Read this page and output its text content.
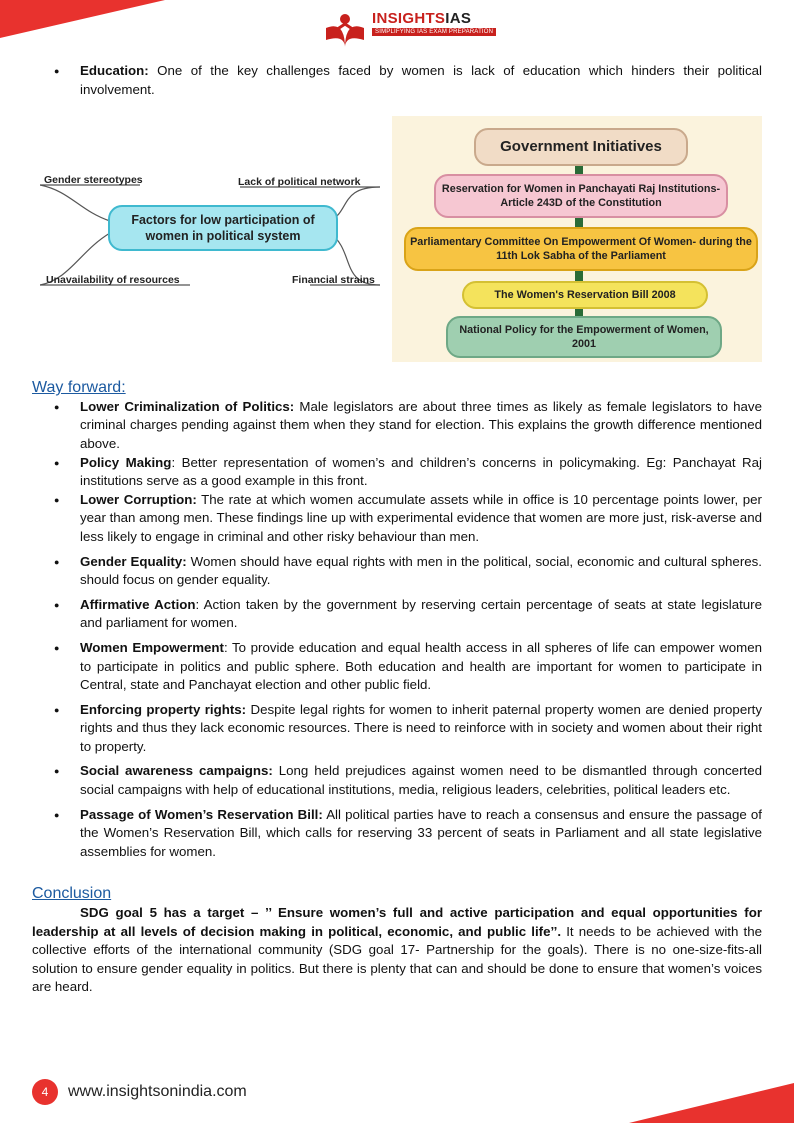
INSIGHTSIAS
SIMPLIFYING IAS EXAM PREPARATION
● Education: One of the key challenges faced by women is lack of education which hinders their political involvement.
Gender stereotypes	Lack of political network
Factors for low participation of women in political system
Unavailability of resources	Financial strains
Government Initiatives
Reservation for Women in Panchayati Raj Institutions- Article 243D of the Constitution
Parliamentary Committee On Empowerment Of Women- during the 11th Lok Sabha of the Parliament
The Women's Reservation Bill 2008
National Policy for the Empowerment of Women, 2001
Way forward:
● Lower Criminalization of Politics: Male legislators are about three times as likely as female legislators to have criminal charges pending against them when they stand for election. This explains the growth difference mentioned above.
● Policy Making: Better representation of women’s and children’s concerns in policymaking. Eg: Panchayat Raj institutions serve as a good example in this front.
● Lower Corruption: The rate at which women accumulate assets while in office is 10 percentage points lower, per year than among men. These findings line up with experimental evidence that women are more just, risk-averse and less likely to engage in criminal and other risky behaviour than men.
● Gender Equality: Women should have equal rights with men in the political, social, economic and cultural spheres. should focus on gender equality.
● Affirmative Action: Action taken by the government by reserving certain percentage of seats at state legislature and parliament for women.
● Women Empowerment: To provide education and equal health access in all spheres of life can empower women to participate in politics and public sphere. Both education and health are important for women to participate in Central, state and Panchayat election and other public field.
● Enforcing property rights: Despite legal rights for women to inherit paternal property women are denied property rights and thus they lack economic resources. There is need to reinforce with in society and women about their right to property.
● Social awareness campaigns: Long held prejudices against women need to be dismantled through concerted social campaigns with help of educational institutions, media, religious leaders, celebrities, political leaders etc.
● Passage of Women’s Reservation Bill: All political parties have to reach a consensus and ensure the passage of the Women’s Reservation Bill, which calls for reserving 33 percent of seats in Parliament and all state legislative assemblies for women.
Conclusion

SDG goal 5 has a target – ’’ Ensure women’s full and active participation and equal opportunities for leadership at all levels of decision making in political, economic, and public life’’. It needs to be achieved with the collective efforts of the international community (SDG goal 17- Partnership for the goals). There is no one-size-fits-all solution to ensure gender equality in politics. But there is plenty that can and should be done to ensure that women’s voices are heard.

4	www.insightsonindia.com
